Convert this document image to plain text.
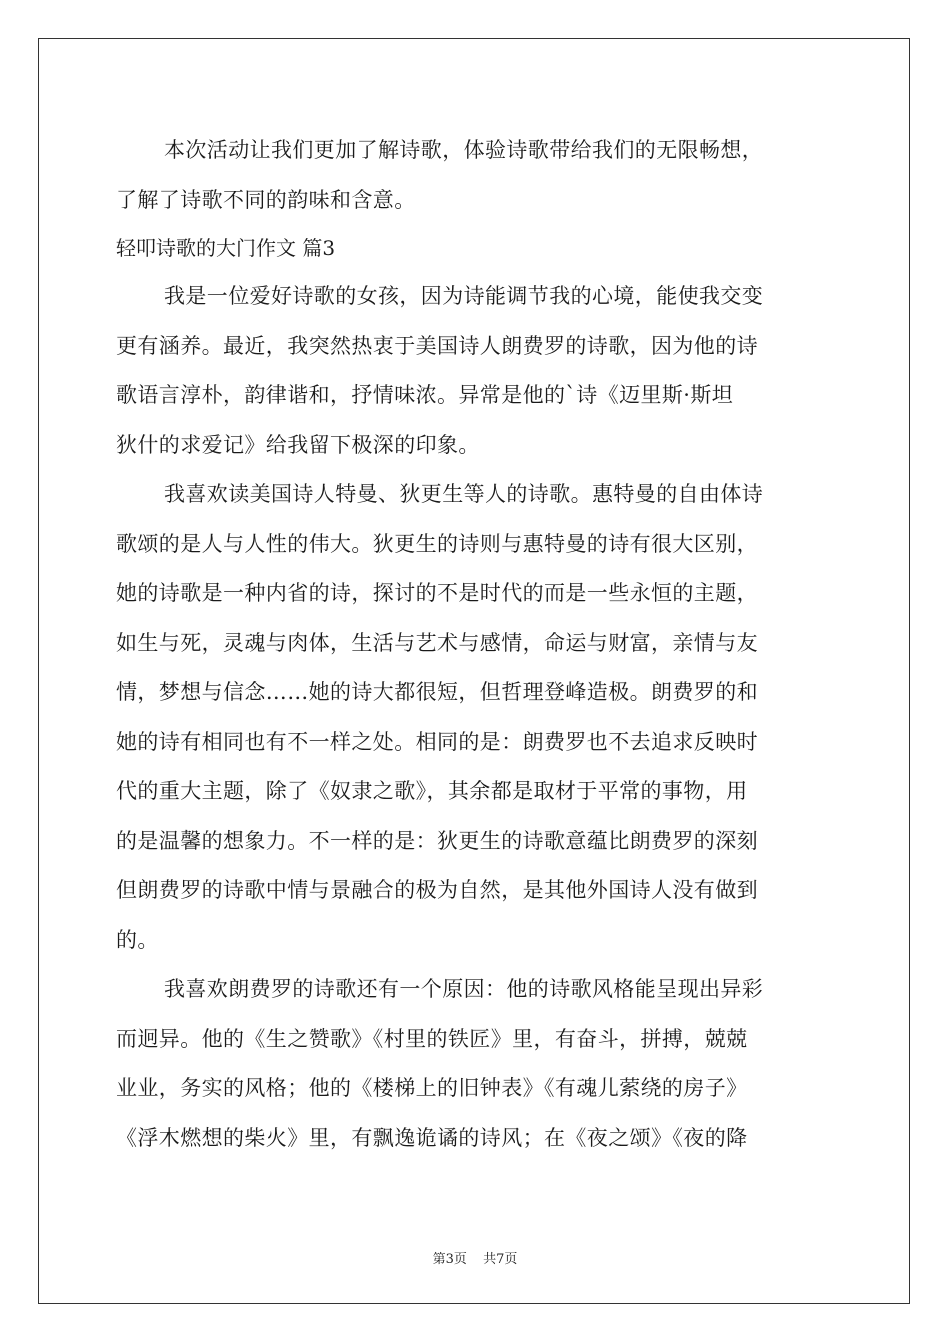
本次活动让我们更加了解诗歌，体验诗歌带给我们的无限畅想，
了解了诗歌不同的韵味和含意。
轻叩诗歌的大门作文 篇3
我是一位爱好诗歌的女孩，因为诗能调节我的心境，能使我交变
更有涵养。最近，我突然热衷于美国诗人朗费罗的诗歌，因为他的诗
歌语言淳朴，韵律谐和，抒情味浓。异常是他的`诗《迈里斯·斯坦
狄什的求爱记》给我留下极深的印象。
我喜欢读美国诗人特曼、狄更生等人的诗歌。惠特曼的自由体诗
歌颂的是人与人性的伟大。狄更生的诗则与惠特曼的诗有很大区别，
她的诗歌是一种内省的诗，探讨的不是时代的而是一些永恒的主题，
如生与死，灵魂与肉体，生活与艺术与感情，命运与财富，亲情与友
情，梦想与信念……她的诗大都很短，但哲理登峰造极。朗费罗的和
她的诗有相同也有不一样之处。相同的是：朗费罗也不去追求反映时
代的重大主题，除了《奴隶之歌》，其余都是取材于平常的事物，用
的是温馨的想象力。不一样的是：狄更生的诗歌意蕴比朗费罗的深刻
但朗费罗的诗歌中情与景融合的极为自然，是其他外国诗人没有做到
的。
我喜欢朗费罗的诗歌还有一个原因：他的诗歌风格能呈现出异彩
而迥异。他的《生之赞歌》《村里的铁匠》里，有奋斗，拼搏，兢兢
业业，务实的风格；他的《楼梯上的旧钟表》《有魂儿萦绕的房子》
《浮木燃想的柴火》里，有飘逸诡谲的诗风；在《夜之颂》《夜的降
第3页 共7页
